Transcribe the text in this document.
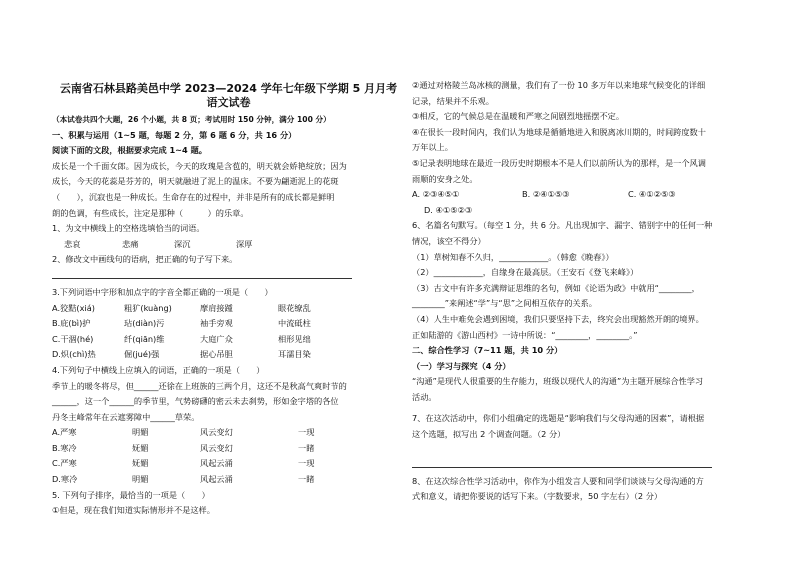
云南省石林县路美邑中学 2023—2024 学年七年级下学期 5 月月考
语文试卷
（本试卷共四个大题，26 个小题，共 8 页；考试用时 150 分钟，满分 100 分）
一、积累与运用（1~5 题，每题 2 分，第 6 题 6 分，共 16 分）
阅读下面的文段，根据要求完成 1~4 题。
成长是一个千面女郎。因为成长，今天的玫瑰是含苞的，明天就会娇艳绽放；因为
成长，今天的花蕊是芬芳的，明天就融进了泥上的温床。不要为翩逝泥上的花斑
（　　），沉寂也是一种成长。生命存在的过程中，并非是所有的成长都是鲜明
朗的色调，有些成长，注定是那种（　　　）的乐章。
1、为文中横线上的空格选填恰当的词语。
悲哀	悲痛	深沉	深厚
2、修改文中画线句的语病，把正确的句子写下来。
3.下列词语中字形和加点字的字音全都正确的一项是（　　）
A.狡黠(xiá)	粗犷(kuàng)	摩肩接踵	眼花缭乱
B.庇(bì)护	玷(diàn)污	袖手旁观	中流砥柱
C.干涸(hé)	纤(qiān)维	大庭广众	相形见绌
D.炽(chì)热	倔(jué)强	据心吊胆	耳濡目染
4.下列句子中横线上应填入的词语，正确的一项是（　　）
季节上的暖冬将尽，但______还徐在上班族的三两个月，这还不是秋高气爽时节的
______，这一个______的季节里，气势磅礴的密云未去刹势，形如金字塔的各位
丹冬主峰常年在云遮雾障中______草荣。
A.严寒	明媚	风云变幻	一现
B.寒冷	妩媚	风云变幻	一睹
C.严寒	妩媚	风起云涌	一现
D.寒冷	明媚	风起云涌	一睹
5. 下列句子排序，最恰当的一项是（　　）
①但是，现在我们知道实际情形并不是这样。
②通过对格陵兰岛冰核的测量，我们有了一份 10 多万年以来地球气候变化的详细
记录，结果并不乐观。
③相反，它的气候总是在温暖和严寒之间剧烈地摇摆不定。
④在很长一段时间内，我们认为地球是循循地进入和脱离冰川期的，时间跨度数十
万年以上。
⑤记录表明地球在最近一段历史时期根本不是人们以前所认为的那样，是一个风调
雨顺的安身之处。
A. ②③④⑤①	B. ②④①⑤③	C. ④①②⑤③
D. ④①⑤②③
6、名篇名句默写。（每空 1 分，共 6 分。凡出现加字、漏字、错别字中的任何一种
情况，该空不得分）
（1）草树知春不久归，____________。（韩愈《晚春》）
（2）____________，自缘身在最高层。（王安石《登飞来峰》）
（3）古文中有许多充满辩证思维的名句，例如《论语为政》中就用“________，
________”来阐述“学”与“思”之间相互依存的关系。
（4）人生中难免会遇到困境，我们只要坚持下去，终究会出现豁然开朗的境界。
正如陆游的《游山西村》一诗中所说：“________，________。”
二、综合性学习（7~11 题，共 10 分）
（一）学习与探究（4 分）
“沟通”是现代人很重要的生存能力，班级以现代人的沟通”为主题开展综合性学习
活动。
7、在这次活动中，你们小组确定的选题是“影响我们与父母沟通的因素”，请根据
这个选题，拟写出 2 个调查问题。（2 分）
8、在这次综合性学习活动中，你作为小组发言人要和同学们谈谈与父母沟通的方
式和意义，请把你要说的话写下来。（字数要求，50 字左右）（2 分）
